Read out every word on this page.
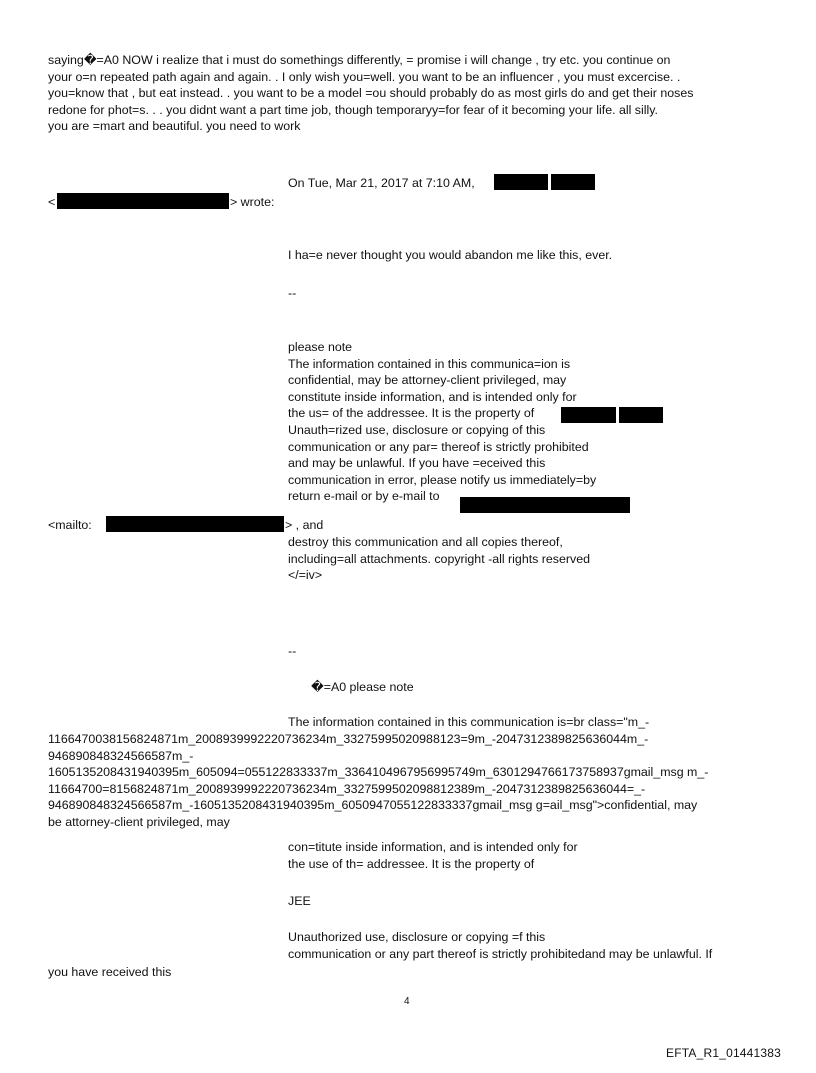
saying�=A0 NOW i realize that i must do somethings differently, = promise i will change , try etc. you continue on
your o=n repeated path again and again. . I only wish you=well. you want to be an influencer , you must excercise. .
you=know that , but eat instead. . you want to be a model =ou should probably do as most girls do and get their noses
redone for phot=s. . . you didnt want a part time job, though temporaryy=for fear of it becoming your life. all silly.
you are =mart and beautiful. you need to work
On Tue, Mar 21, 2017 at 7:10 AM,
<	> wrote:
I ha=e never thought you would abandon me like this, ever.
--
please note
The information contained in this communica=ion is
confidential, may be attorney-client privileged, may
constitute inside information, and is intended only for
the us= of the addressee. It is the property of
Unauth=rized use, disclosure or copying of this
communication or any par= thereof is strictly prohibited
and may be unlawful. If you have =eceived this
communication in error, please notify us immediately=by
return e-mail or by e-mail to
<mailto:	> , and
destroy this communication and all copies thereof,
including=all attachments. copyright -all rights reserved
</=iv>
--
�=A0 please note
The information contained in this communication is=br class="m_-
1166470038156824871m_2008939992220736234m_33275995020988123=9m_-2047312389825636044m_-
946890848324566587m_-
1605135208431940395m_605094=055122833337m_3364104967956995749m_6301294766173758937gmail_msg m_-
11664700=8156824871m_2008939992220736234m_3327599502098812389m_-2047312389825636044=_-
946890848324566587m_-1605135208431940395m_6050947055122833337gmail_msg g=ail_msg">confidential, may
be attorney-client privileged, may
con=titute inside information, and is intended only for
the use of th= addressee. It is the property of
JEE
Unauthorized use, disclosure or copying =f this
communication or any part thereof is strictly prohibitedand may be unlawful. If
you have received this
4
EFTA_R1_01441383
